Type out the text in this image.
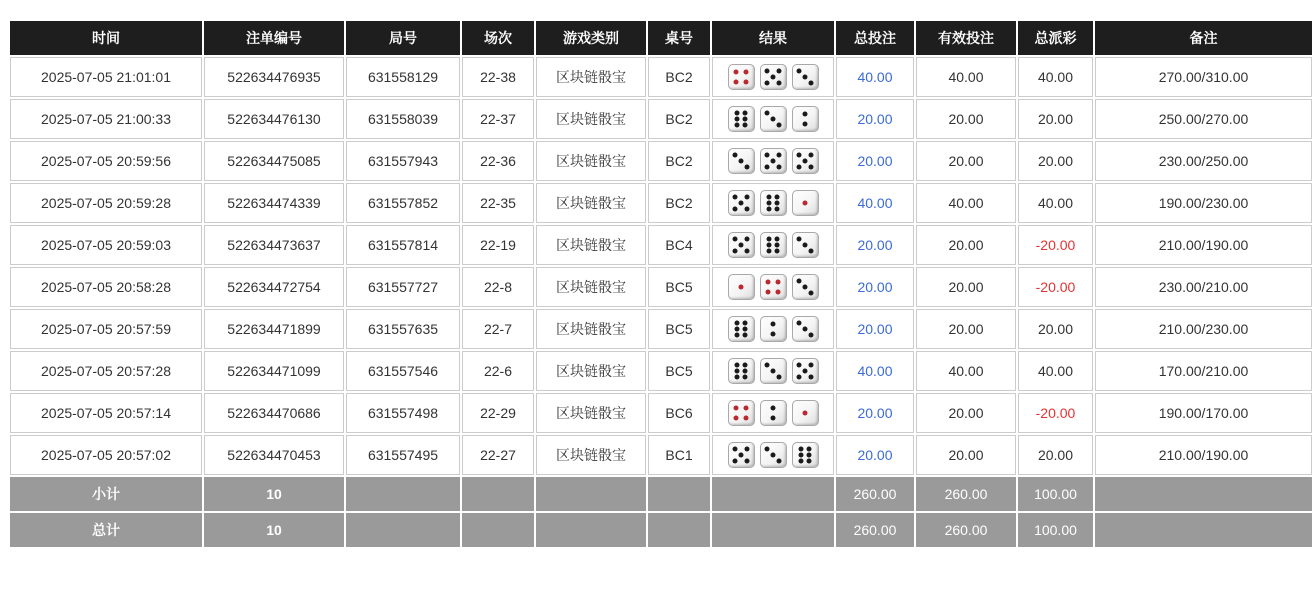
时间	注单编号	局号	场次	游戏类别	桌号	结果	总投注	有效投注	总派彩	备注
2025-07-05 21:01:01	522634476935	631558129	22-38	区块链骰宝	BC2		40.00	40.00	40.00	270.00/310.00
2025-07-05 21:00:33	522634476130	631558039	22-37	区块链骰宝	BC2		20.00	20.00	20.00	250.00/270.00
2025-07-05 20:59:56	522634475085	631557943	22-36	区块链骰宝	BC2		20.00	20.00	20.00	230.00/250.00
2025-07-05 20:59:28	522634474339	631557852	22-35	区块链骰宝	BC2		40.00	40.00	40.00	190.00/230.00
2025-07-05 20:59:03	522634473637	631557814	22-19	区块链骰宝	BC4		20.00	20.00	-20.00	210.00/190.00
2025-07-05 20:58:28	522634472754	631557727	22-8	区块链骰宝	BC5		20.00	20.00	-20.00	230.00/210.00
2025-07-05 20:57:59	522634471899	631557635	22-7	区块链骰宝	BC5		20.00	20.00	20.00	210.00/230.00
2025-07-05 20:57:28	522634471099	631557546	22-6	区块链骰宝	BC5		40.00	40.00	40.00	170.00/210.00
2025-07-05 20:57:14	522634470686	631557498	22-29	区块链骰宝	BC6		20.00	20.00	-20.00	190.00/170.00
2025-07-05 20:57:02	522634470453	631557495	22-27	区块链骰宝	BC1		20.00	20.00	20.00	210.00/190.00
小计	10						260.00	260.00	100.00	
总计	10						260.00	260.00	100.00	
